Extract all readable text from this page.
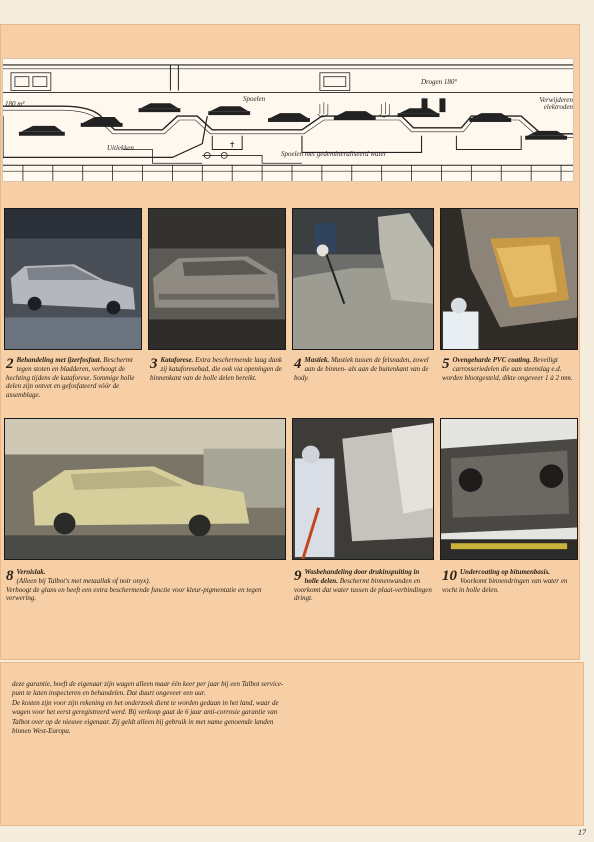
180 m³
Spoelen
Drogen 180°
Verwijderen elektroden
Uitlekken
Spoelen met gedemineraliseerd water
2 Behandeling met ijzerfosfaat. Beschermt tegen stoten en bladderen, verhoogt de hechting tijdens de kataforese. Sommige holle delen zijn ontvet en gefosfateerd vóór de assemblage.
3 Kataforese. Extra beschermende laag dank zij kataforesebad, die ook via openingen de binnenkant van de holle delen bereikt.
4 Mastiek. Mastiek tussen de felsnaden, zowel aan de binnen- als aan de buitenkant van de body.
5 Ovengeharde PVC coating. Beveiligt carrosseriedelen die aan steenslag e.d. worden blootgesteld, dikte ongeveer 1 à 2 mm.
8 Vernislak.
(Alleen bij Talbot's met metaallak of noir onyx).
Verhoogt de glans en heeft een extra beschermende functie voor kleur-pigmentatie en tegen verwering.
9 Wasbehandeling door drukinspuiting in holle delen. Beschermt binnenwanden en voorkomt dat water tussen de plaat-verbindingen dringt.
10 Undercoating op bitumenbasis. Voorkomt binnendringen van water en vocht in holle delen.

deze garantie, hoeft de eigenaar zijn wagen alleen maar één keer per jaar bij een Talbot service-punt te laten inspecteren en behandelen. Dat duurt ongeveer een uur.

De kosten zijn voor zijn rekening en het onderzoek dient te worden gedaan in het land, waar de wagen voor het eerst geregistreerd werd. Bij verkoop gaat de 6 jaar anti-corrosie garantie van Talbot over op de nieuwe eigenaar. Zij geldt alleen bij gebruik in met name genoemde landen binnen West-Europa.

17
